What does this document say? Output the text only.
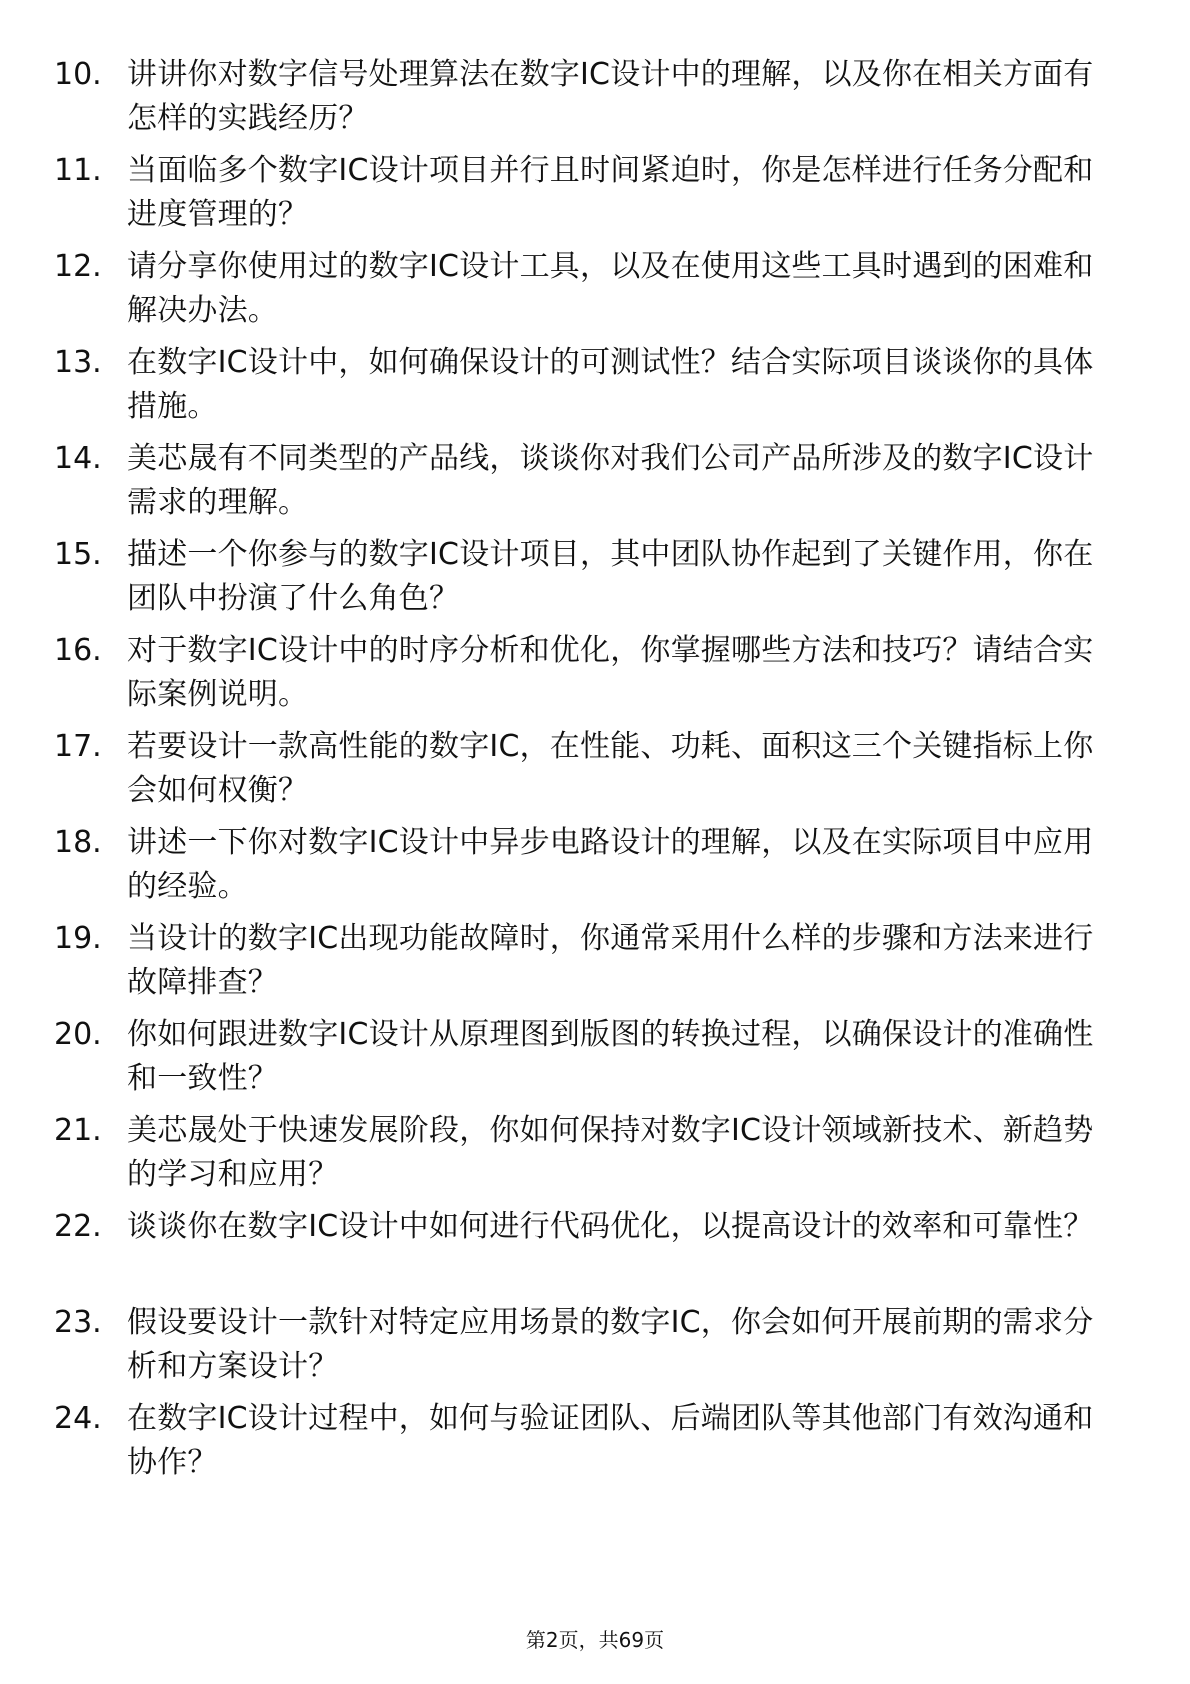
10. 讲讲你对数字信号处理算法在数字IC设计中的理解，以及你在相关方面有怎样的实践经历？
11. 当面临多个数字IC设计项目并行且时间紧迫时，你是怎样进行任务分配和进度管理的？
12. 请分享你使用过的数字IC设计工具，以及在使用这些工具时遇到的困难和解决办法。
13. 在数字IC设计中，如何确保设计的可测试性？结合实际项目谈谈你的具体措施。
14. 美芯晟有不同类型的产品线，谈谈你对我们公司产品所涉及的数字IC设计需求的理解。
15. 描述一个你参与的数字IC设计项目，其中团队协作起到了关键作用，你在团队中扮演了什么角色？
16. 对于数字IC设计中的时序分析和优化，你掌握哪些方法和技巧？请结合实际案例说明。
17. 若要设计一款高性能的数字IC，在性能、功耗、面积这三个关键指标上你会如何权衡？
18. 讲述一下你对数字IC设计中异步电路设计的理解，以及在实际项目中应用的经验。
19. 当设计的数字IC出现功能故障时，你通常采用什么样的步骤和方法来进行故障排查？
20. 你如何跟进数字IC设计从原理图到版图的转换过程，以确保设计的准确性和一致性？
21. 美芯晟处于快速发展阶段，你如何保持对数字IC设计领域新技术、新趋势的学习和应用？
22. 谈谈你在数字IC设计中如何进行代码优化，以提高设计的效率和可靠性？
23. 假设要设计一款针对特定应用场景的数字IC，你会如何开展前期的需求分析和方案设计？
24. 在数字IC设计过程中，如何与验证团队、后端团队等其他部门有效沟通和协作？
第2页，共69页
